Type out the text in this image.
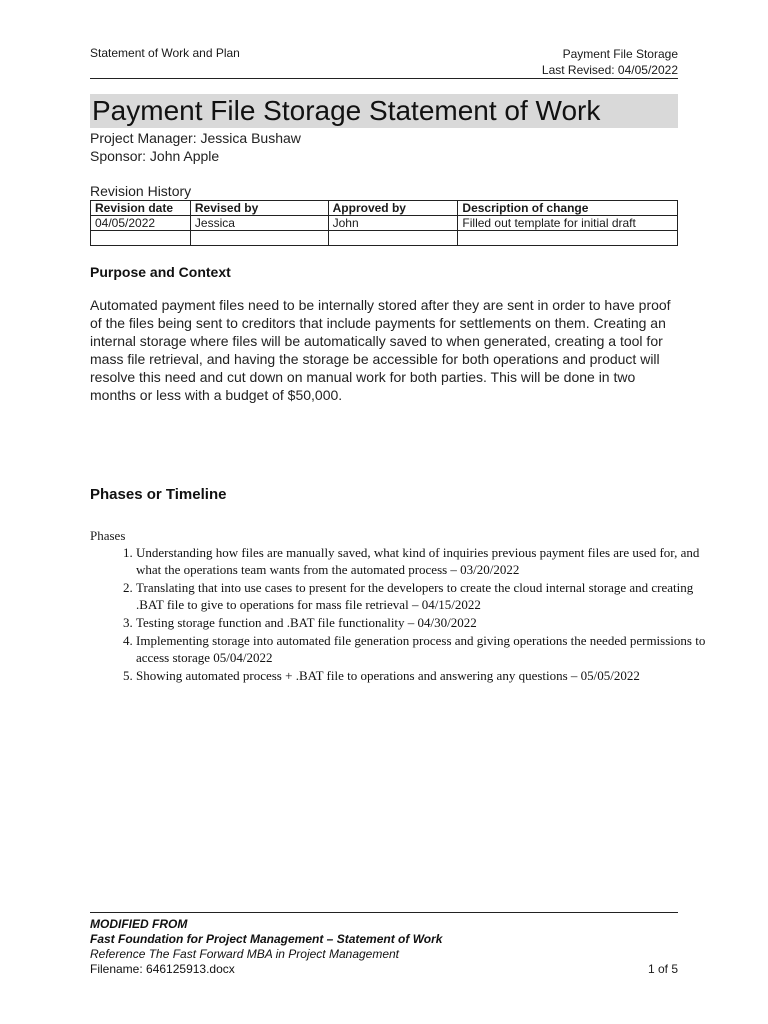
Statement of Work and Plan	Payment File Storage
Last Revised: 04/05/2022
Payment File Storage Statement of Work
Project Manager: Jessica Bushaw
Sponsor: John Apple
Revision History
Revision date	Revised by	Approved by	Description of change
04/05/2022	Jessica	John	Filled out template for initial draft

Purpose and Context
Automated payment files need to be internally stored after they are sent in order to have proof of the files being sent to creditors that include payments for settlements on them. Creating an internal storage where files will be automatically saved to when generated, creating a tool for mass file retrieval, and having the storage be accessible for both operations and product will resolve this need and cut down on manual work for both parties. This will be done in two months or less with a budget of $50,000.
Phases or Timeline
Phases
1. Understanding how files are manually saved, what kind of inquiries previous payment files are used for, and what the operations team wants from the automated process – 03/20/2022
2. Translating that into use cases to present for the developers to create the cloud internal storage and creating .BAT file to give to operations for mass file retrieval – 04/15/2022
3. Testing storage function and .BAT file functionality – 04/30/2022
4. Implementing storage into automated file generation process and giving operations the needed permissions to access storage 05/04/2022
5. Showing automated process + .BAT file to operations and answering any questions – 05/05/2022
MODIFIED FROM
Fast Foundation for Project Management – Statement of Work
Reference The Fast Forward MBA in Project Management
Filename: 646125913.docx	1 of 5
